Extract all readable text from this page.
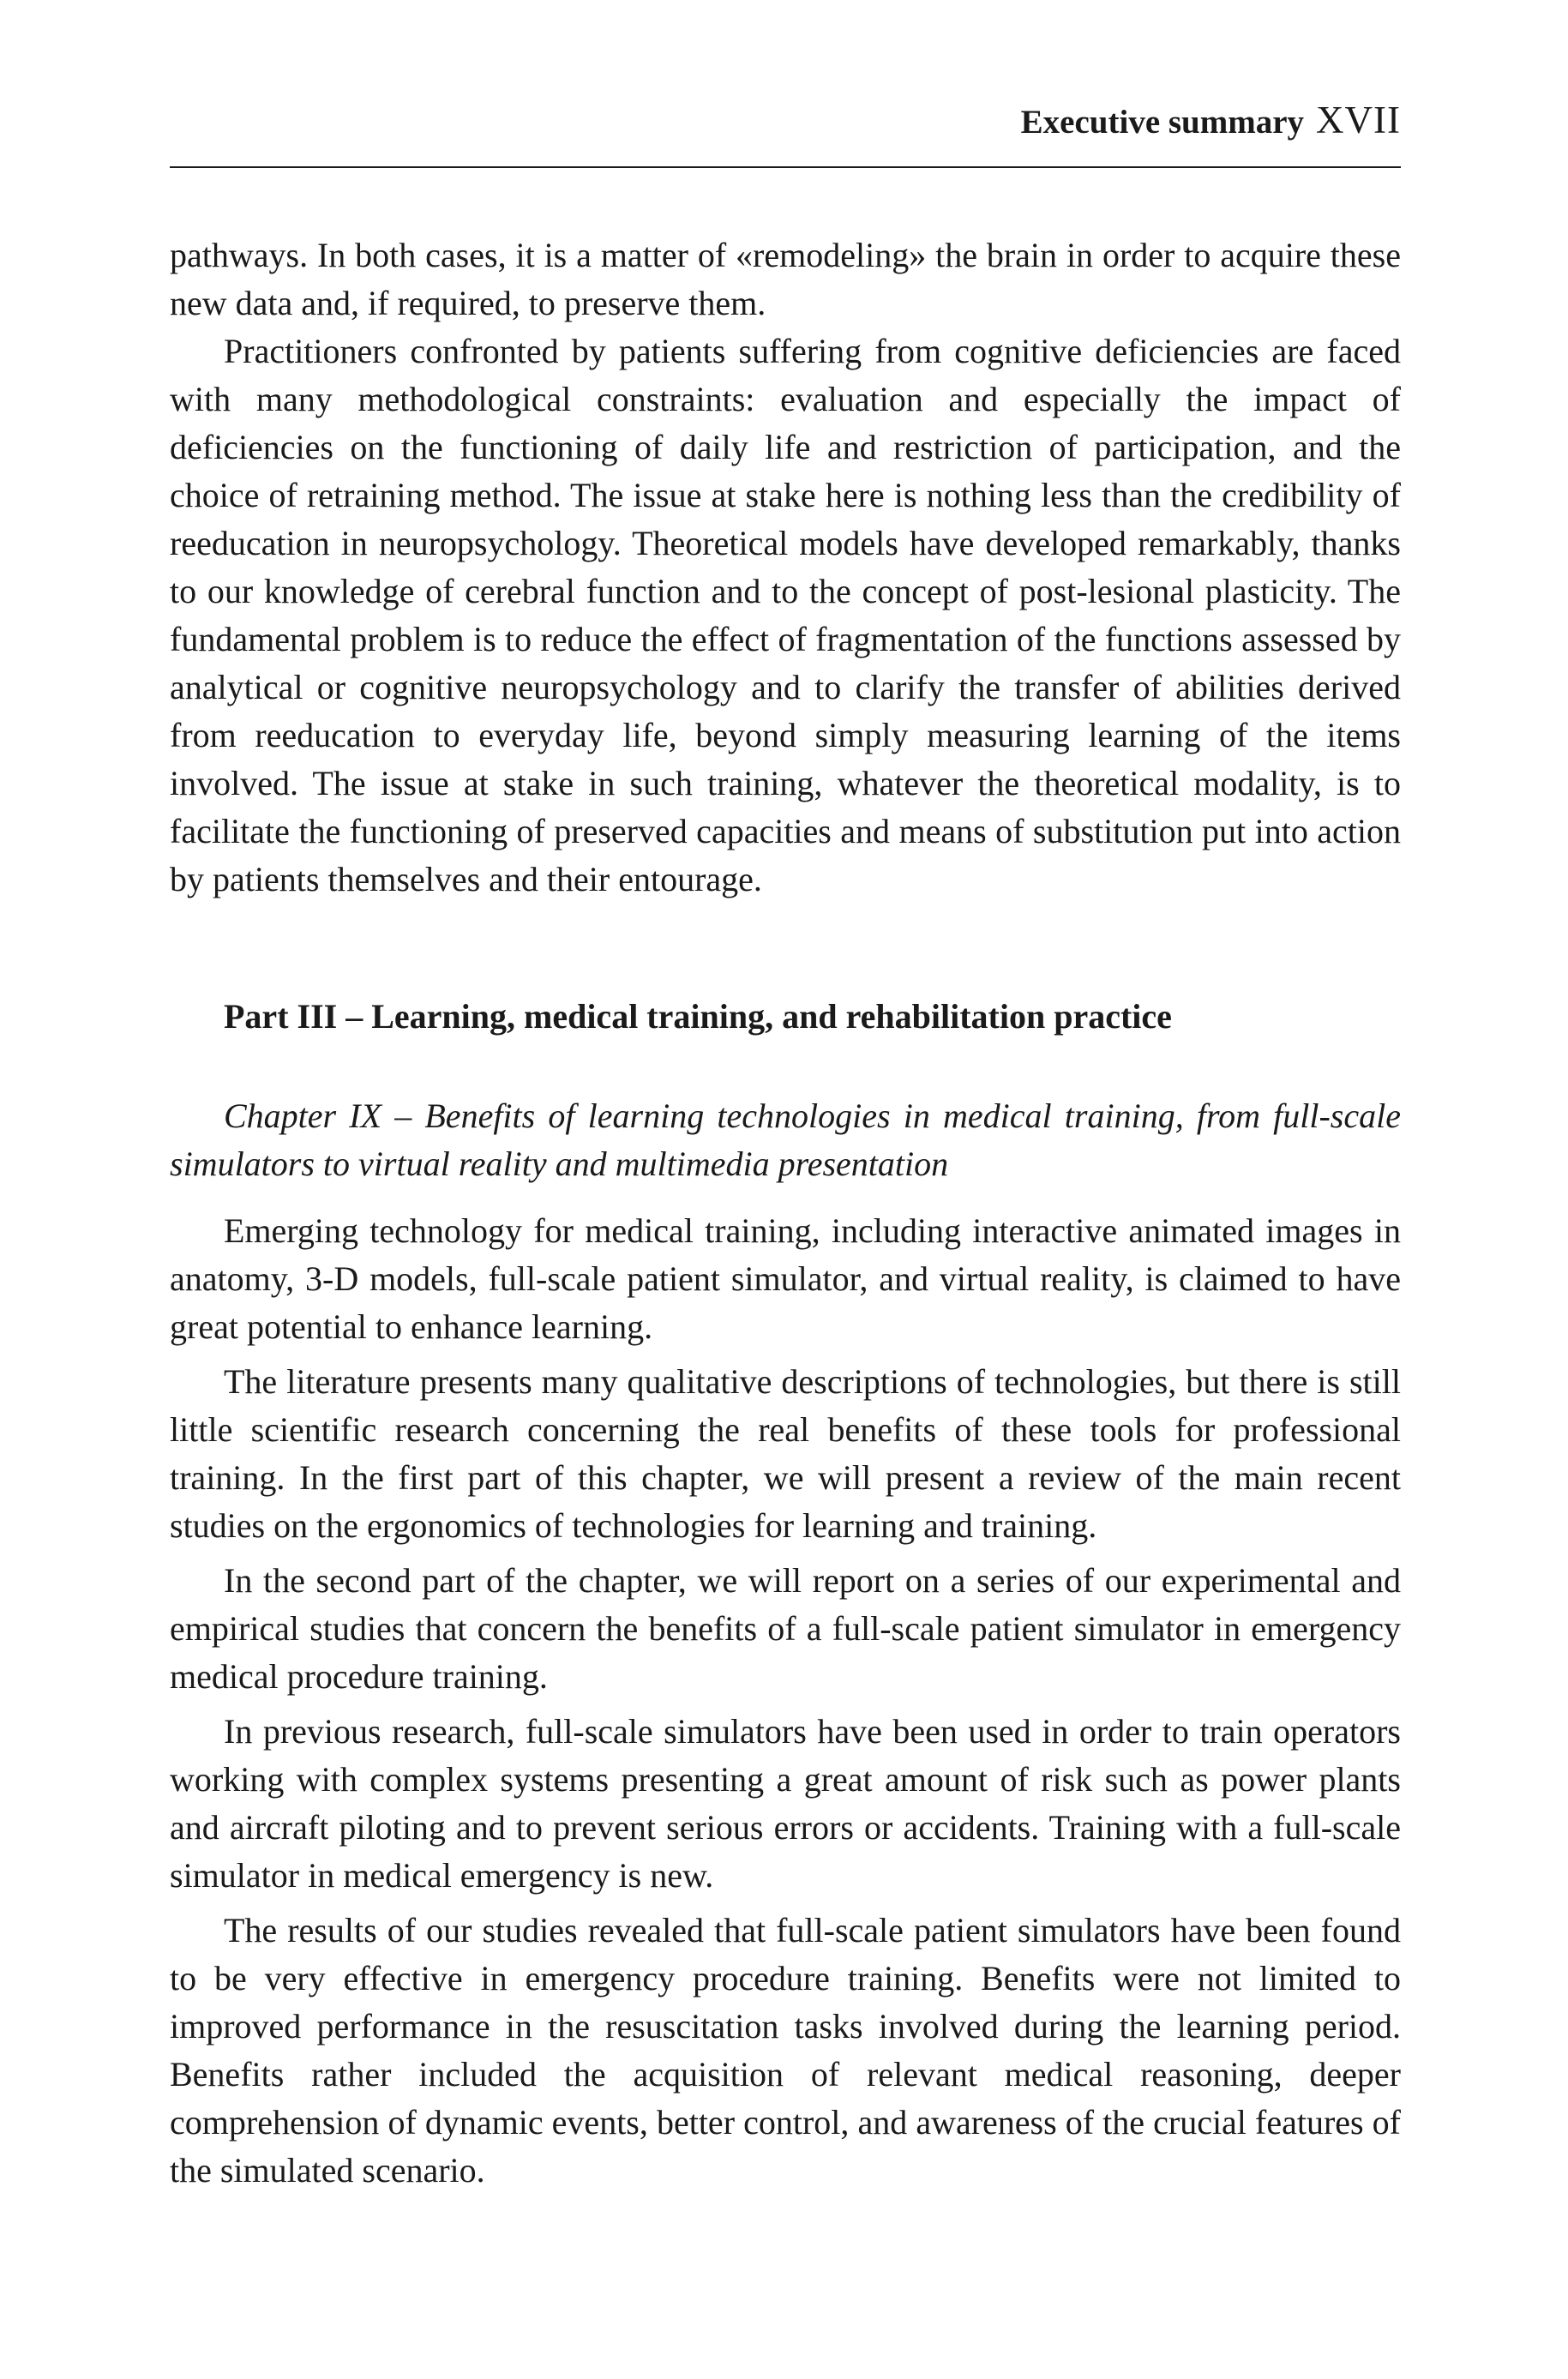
Executive summary XVII

pathways. In both cases, it is a matter of «remodeling» the brain in order to acquire these new data and, if required, to preserve them.

Practitioners confronted by patients suffering from cognitive deficiencies are faced with many methodological constraints: evaluation and especially the impact of deficiencies on the functioning of daily life and restriction of participation, and the choice of retraining method. The issue at stake here is nothing less than the credibility of reeducation in neuropsychology. Theoretical models have developed remarkably, thanks to our knowledge of cerebral function and to the concept of post-lesional plasticity. The fundamental problem is to reduce the effect of fragmentation of the functions assessed by analytical or cognitive neuropsychology and to clarify the transfer of abilities derived from reeducation to everyday life, beyond simply measuring learning of the items involved. The issue at stake in such training, whatever the theoretical modality, is to facilitate the functioning of preserved capacities and means of substitution put into action by patients themselves and their entourage.

Part III – Learning, medical training, and rehabilitation practice

Chapter IX – Benefits of learning technologies in medical training, from full-scale simulators to virtual reality and multimedia presentation

Emerging technology for medical training, including interactive animated images in anatomy, 3-D models, full-scale patient simulator, and virtual reality, is claimed to have great potential to enhance learning.

The literature presents many qualitative descriptions of technologies, but there is still little scientific research concerning the real benefits of these tools for professional training. In the first part of this chapter, we will present a review of the main recent studies on the ergonomics of technologies for learning and training.

In the second part of the chapter, we will report on a series of our experimental and empirical studies that concern the benefits of a full-scale patient simulator in emergency medical procedure training.

In previous research, full-scale simulators have been used in order to train operators working with complex systems presenting a great amount of risk such as power plants and aircraft piloting and to prevent serious errors or accidents. Training with a full-scale simulator in medical emergency is new.

The results of our studies revealed that full-scale patient simulators have been found to be very effective in emergency procedure training. Benefits were not limited to improved performance in the resuscitation tasks involved during the learning period. Benefits rather included the acquisition of relevant medical reasoning, deeper comprehension of dynamic events, better control, and awareness of the crucial features of the simulated scenario.
